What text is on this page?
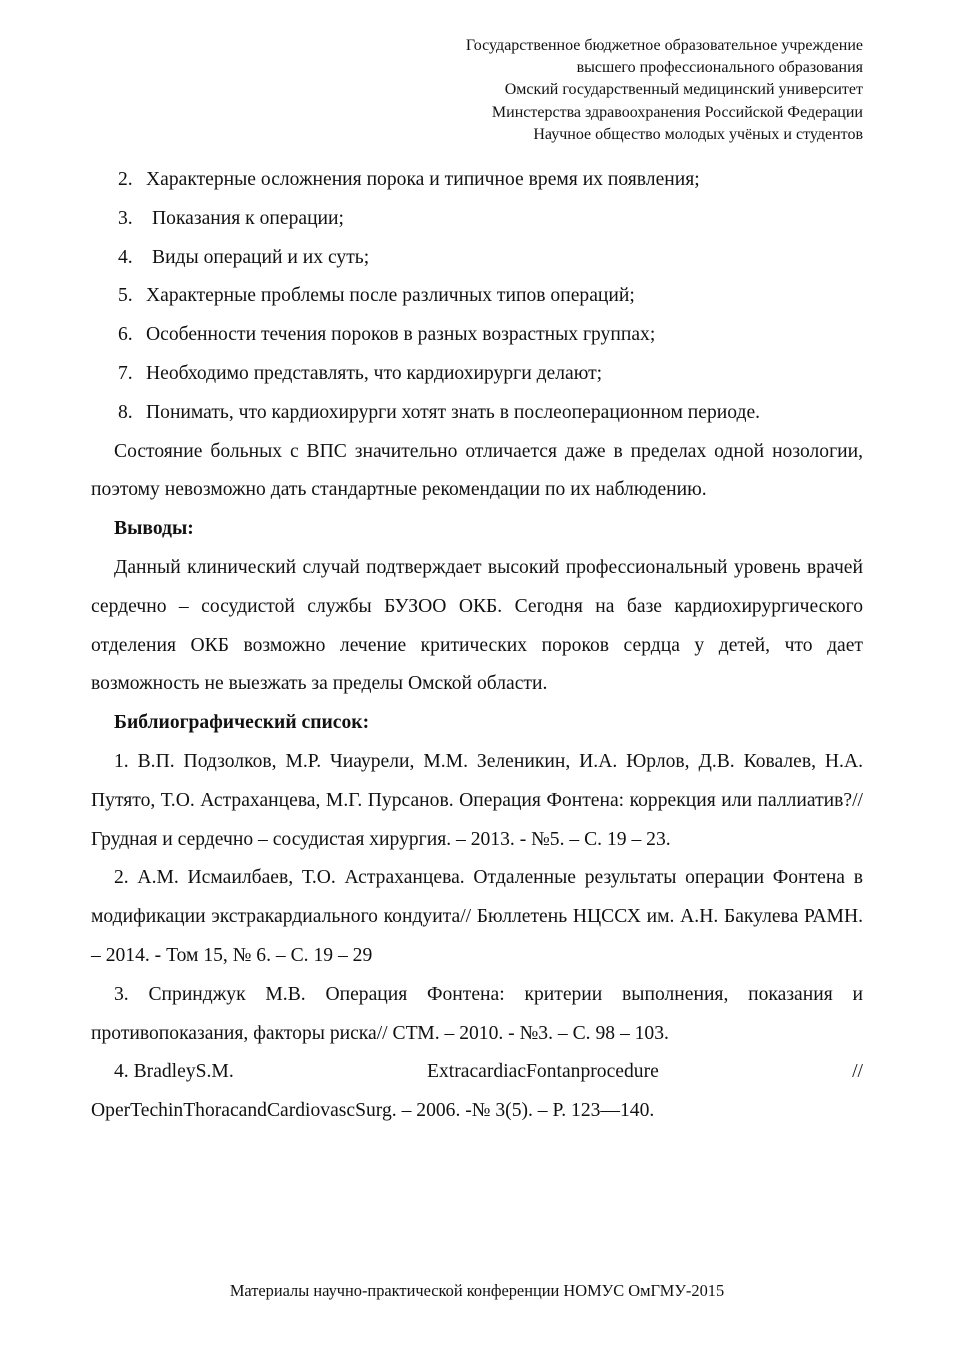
Государственное бюджетное образовательное учреждение
высшего профессионального образования
Омский государственный медицинский университет
Минстерства здравоохранения Российской Федерации
Научное общество молодых учёных и студентов
2. Характерные осложнения порока и типичное время их появления;
3. Показания к операции;
4. Виды операций и их суть;
5. Характерные проблемы после различных типов операций;
6. Особенности течения пороков в разных возрастных группах;
7. Необходимо представлять, что кардиохирурги делают;
8. Понимать, что кардиохирурги хотят знать в послеоперационном периоде.
Состояние больных с ВПС значительно отличается даже в пределах одной нозологии, поэтому невозможно дать стандартные рекомендации по их наблюдению.
Выводы:
Данный клинический случай подтверждает высокий профессиональный уровень врачей сердечно – сосудистой службы БУЗОО ОКБ. Сегодня на базе кардиохирургического отделения ОКБ возможно лечение критических пороков сердца у детей, что дает возможность не выезжать за пределы Омской области.
Библиографический список:
1. В.П. Подзолков, М.Р. Чиаурели, М.М. Зеленикин, И.А. Юрлов, Д.В. Ковалев, Н.А. Путято, Т.О. Астраханцева, М.Г. Пурсанов. Операция Фонтена: коррекция или паллиатив?// Грудная и сердечно – сосудистая хирургия. – 2013. - №5. – С. 19 – 23.
2. А.М. Исмаилбаев, Т.О. Астраханцева. Отдаленные результаты операции Фонтена в модификации экстракардиального кондуита// Бюллетень НЦССХ им. А.Н. Бакулева РАМН. – 2014. - Том 15, № 6. – С. 19 – 29
3. Спринджук М.В. Операция Фонтена: критерии выполнения, показания и противопоказания, факторы риска// СТМ. – 2010. - №3. – С. 98 – 103.
4. BradleyS.M.	ExtracardiacFontanprocedure	//
OperTechinThoracandCardiovascSurg. – 2006. -№ 3(5). – P. 123—140.
Материалы научно-практической конференции НОМУС ОмГМУ-2015
